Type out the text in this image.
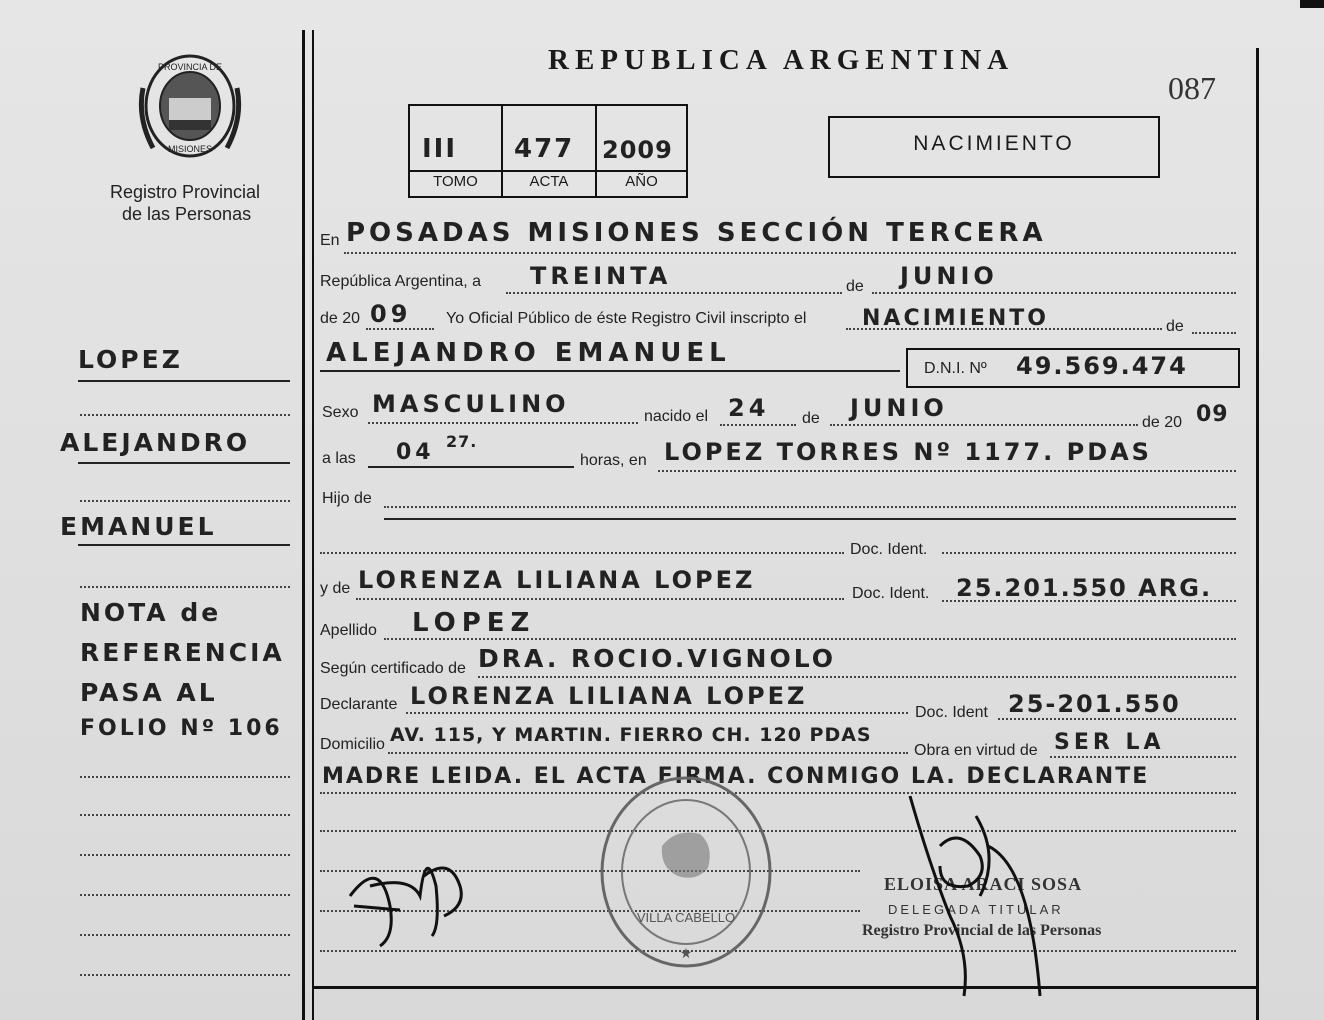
PROVINCIA DE
MISIONES
Registro Provincial
de las Personas
LOPEZ
ALEJANDRO
EMANUEL
NOTA de
REFERENCIA
PASA AL
FOLIO Nº 106
REPUBLICA ARGENTINA
087
III 477 2009
TOMO	ACTA	AÑO
NACIMIENTO
En POSADAS MISIONES SECCIÓN TERCERA
República Argentina, a TREINTA	de JUNIO
de 20 09 Yo Oficial Público de éste Registro Civil inscripto el	NACIMIENTO	de
ALEJANDRO EMANUEL
D.N.I. Nº 49.569.474
Sexo MASCULINO	nacido el 24 de JUNIO
de 20 09
a las 04 27.
horas, en LOPEZ TORRES Nº 1177. PDAS
Hijo de
Doc. Ident.
y de LORENZA LILIANA LOPEZ	Doc. Ident. 25.201.550 ARG.
Apellido LOPEZ
Según certificado de DRA. ROCIO.VIGNOLO
Declarante LORENZA LILIANA LOPEZ
Doc. Ident 25-201.550
Domicilio AV. 115, Y MARTIN. FIERRO CH. 120 PDAS
Obra en virtud de SER LA
MADRE LEIDA. EL ACTA FIRMA. CONMIGO LA. DECLARANTE
VILLA CABELLO
★
ELOISA ARACI SOSA
DELEGADA TITULAR
Registro Provincial de las Personas
